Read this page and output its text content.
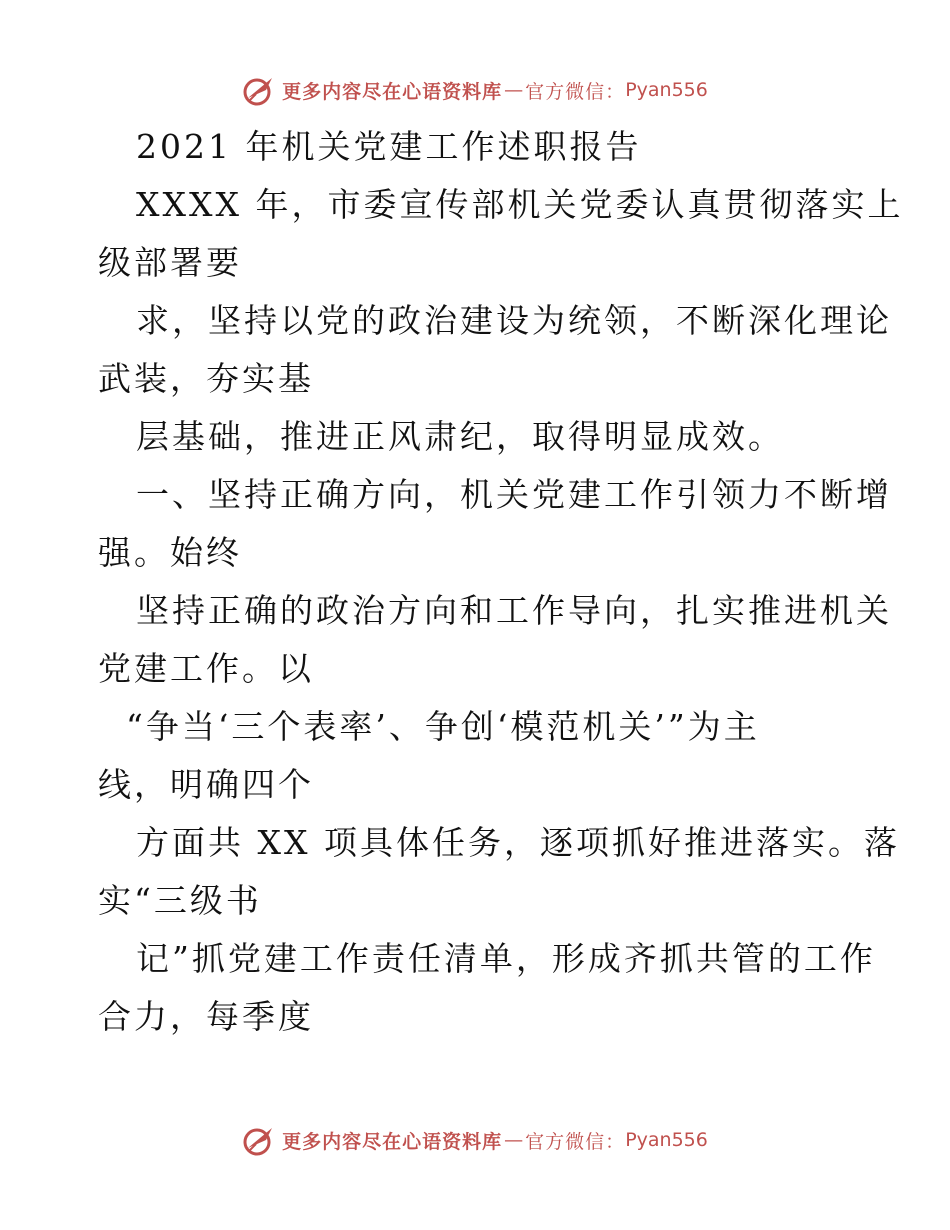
更多内容尽在心语资料库 — 官方微信： Pyan556
2021 年机关党建工作述职报告
XXXX 年，市委宣传部机关党委认真贯彻落实上
级部署要
求，坚持以党的政治建设为统领，不断深化理论
武装，夯实基
层基础，推进正风肃纪，取得明显成效。
一、坚持正确方向，机关党建工作引领力不断增
强。始终
坚持正确的政治方向和工作导向，扎实推进机关
党建工作。以
“争当‘三个表率’、争创‘模范机关’”为主
线，明确四个
方面共 XX 项具体任务，逐项抓好推进落实。落
实“三级书
记”抓党建工作责任清单，形成齐抓共管的工作
合力，每季度
更多内容尽在心语资料库 — 官方微信： Pyan556
